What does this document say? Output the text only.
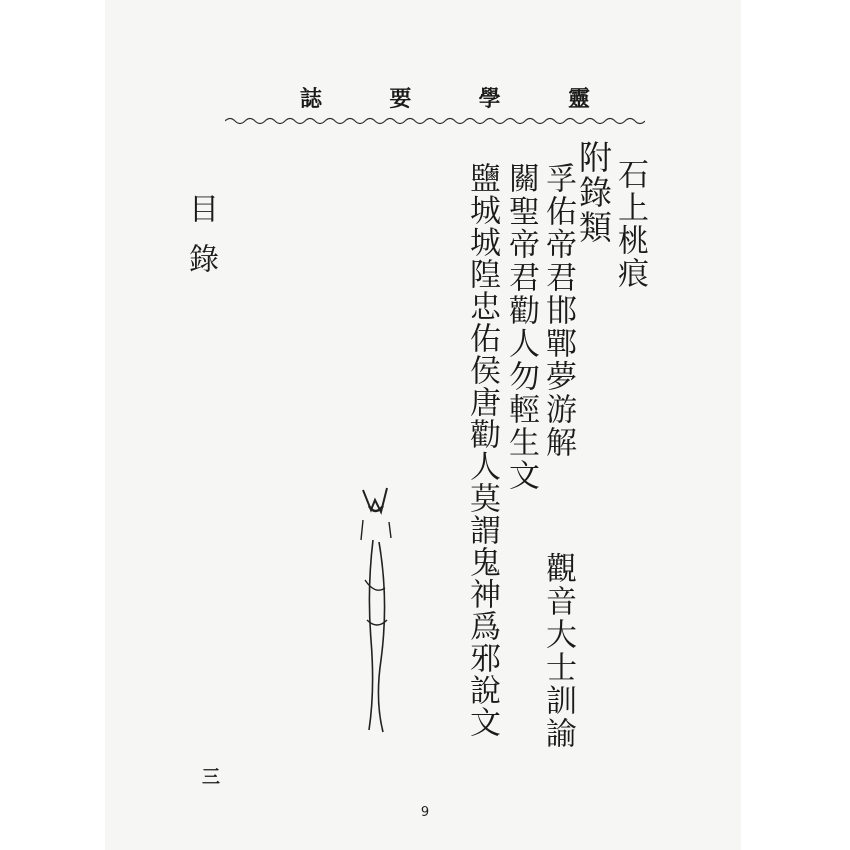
誌	要	學	靈
石上桃痕
附錄類
孚佑帝君邯鄲夢游解
關聖帝君勸人勿輕生文
鹽城城隍忠佑侯唐勸人莫謂鬼神爲邪說文 觀音大士訓諭
目錄
三
9
